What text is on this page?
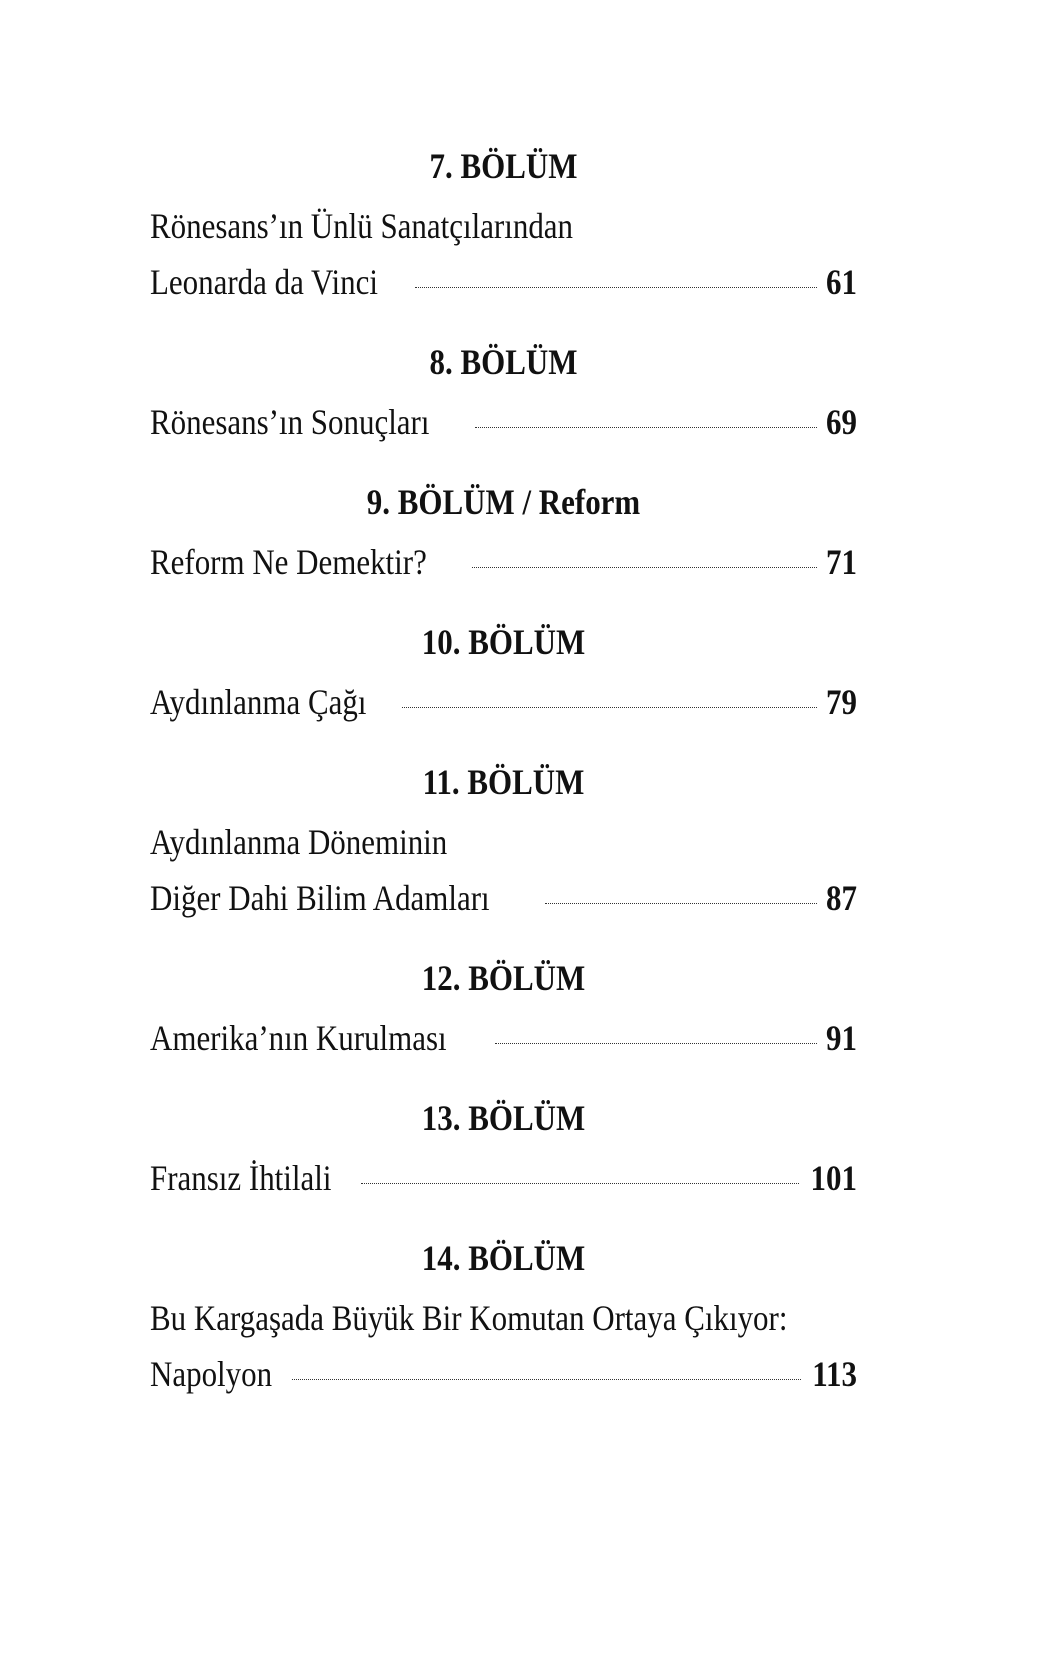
7. BÖLÜM
Rönesans’ın Ünlü Sanatçılarından
Leonarda da Vinci	61
8. BÖLÜM
Rönesans’ın Sonuçları	69
9. BÖLÜM / Reform
Reform Ne Demektir?	71
10. BÖLÜM
Aydınlanma Çağı	79
11. BÖLÜM
Aydınlanma Döneminin
Diğer Dahi Bilim Adamları	87
12. BÖLÜM
Amerika’nın Kurulması	91
13. BÖLÜM
Fransız İhtilali	101
14. BÖLÜM
Bu Kargaşada Büyük Bir Komutan Ortaya Çıkıyor:
Napolyon	113
